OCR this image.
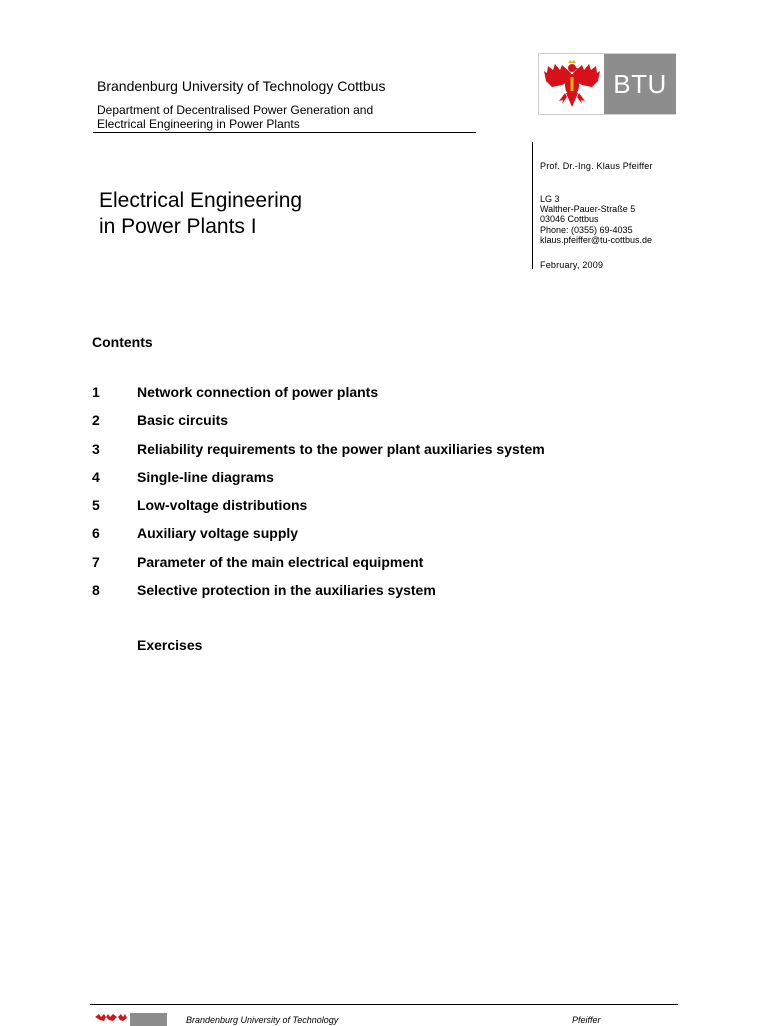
Brandenburg University of Technology Cottbus
Department of Decentralised Power Generation and
Electrical Engineering in Power Plants
BTU
Prof. Dr.-Ing. Klaus Pfeiffer
LG 3
Walther-Pauer-Straße 5
03046 Cottbus
Phone: (0355) 69-4035
klaus.pfeiffer@tu-cottbus.de
February, 2009
Electrical Engineering
in Power Plants I
Contents
1	Network connection of power plants
2	Basic circuits
3	Reliability requirements to the power plant auxiliaries system
4	Single-line diagrams
5	Low-voltage distributions
6	Auxiliary voltage supply
7	Parameter of the main electrical equipment
8	Selective protection in the auxiliaries system
Exercises
Brandenburg University of Technology	Pfeiffer
